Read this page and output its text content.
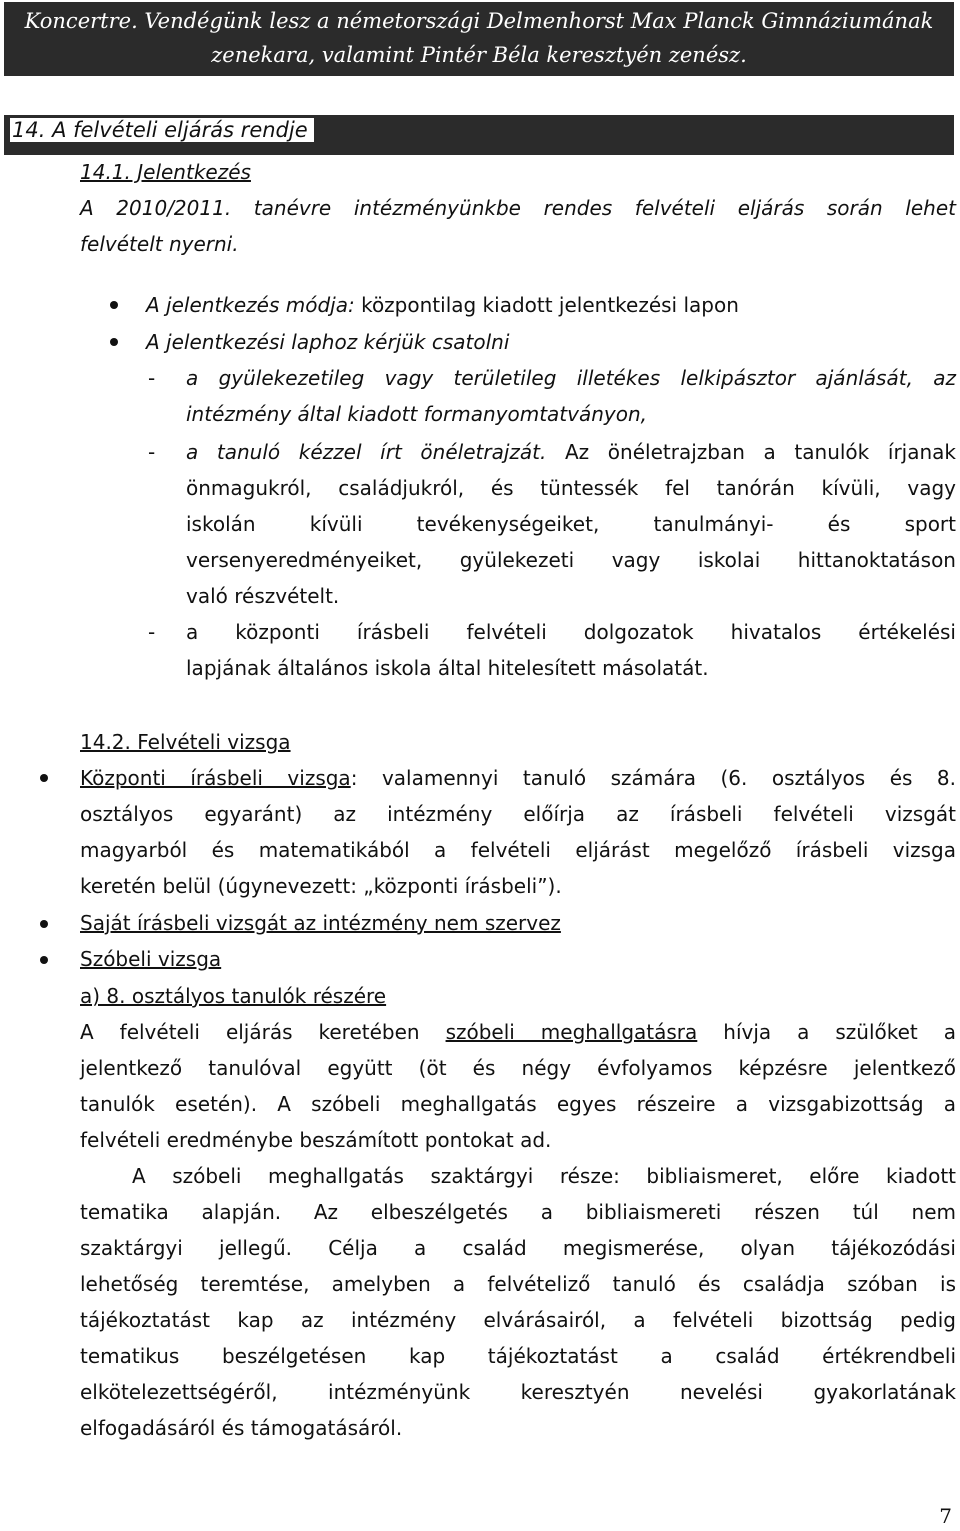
Koncertre. Vendégünk lesz a németországi Delmenhorst Max Planck Gimnáziumának
zenekara, valamint Pintér Béla keresztyén zenész.
14. A felvételi eljárás rendje
14.1. Jelentkezés
A 2010/2011. tanévre intézményünkbe rendes felvételi eljárás során lehet
felvételt nyerni.
A jelentkezés módja: központilag kiadott jelentkezési lapon
A jelentkezési laphoz kérjük csatolni
- a gyülekezetileg vagy területileg illetékes lelkipásztor ajánlását, az
intézmény által kiadott formanyomtatványon,
- a tanuló kézzel írt önéletrajzát. Az önéletrajzban a tanulók írjanak
önmagukról, családjukról, és tüntessék fel tanórán kívüli, vagy
iskolán kívüli tevékenységeiket, tanulmányi- és sport
versenyeredményeiket, gyülekezeti vagy iskolai hittanoktatáson
való részvételt.
- a központi írásbeli felvételi dolgozatok hivatalos értékelési
lapjának általános iskola által hitelesített másolatát.
14.2. Felvételi vizsga
Központi írásbeli vizsga: valamennyi tanuló számára (6. osztályos és 8.
osztályos egyaránt) az intézmény előírja az írásbeli felvételi vizsgát
magyarból és matematikából a felvételi eljárást megelőző írásbeli vizsga
keretén belül (úgynevezett: „központi írásbeli”).
Saját írásbeli vizsgát az intézmény nem szervez
Szóbeli vizsga
a) 8. osztályos tanulók részére
A felvételi eljárás keretében szóbeli meghallgatásra hívja a szülőket a
jelentkező tanulóval együtt (öt és négy évfolyamos képzésre jelentkező
tanulók esetén). A szóbeli meghallgatás egyes részeire a vizsgabizottság a
felvételi eredménybe beszámított pontokat ad.
A szóbeli meghallgatás szaktárgyi része: bibliaismeret, előre kiadott
tematika alapján. Az elbeszélgetés a bibliaismereti részen túl nem
szaktárgyi jellegű. Célja a család megismerése, olyan tájékozódási
lehetőség teremtése, amelyben a felvételiző tanuló és családja szóban is
tájékoztatást kap az intézmény elvárásairól, a felvételi bizottság pedig
tematikus beszélgetésen kap tájékoztatást a család értékrendbeli
elkötelezettségéről, intézményünk keresztyén nevelési gyakorlatának
elfogadásáról és támogatásáról.
7
